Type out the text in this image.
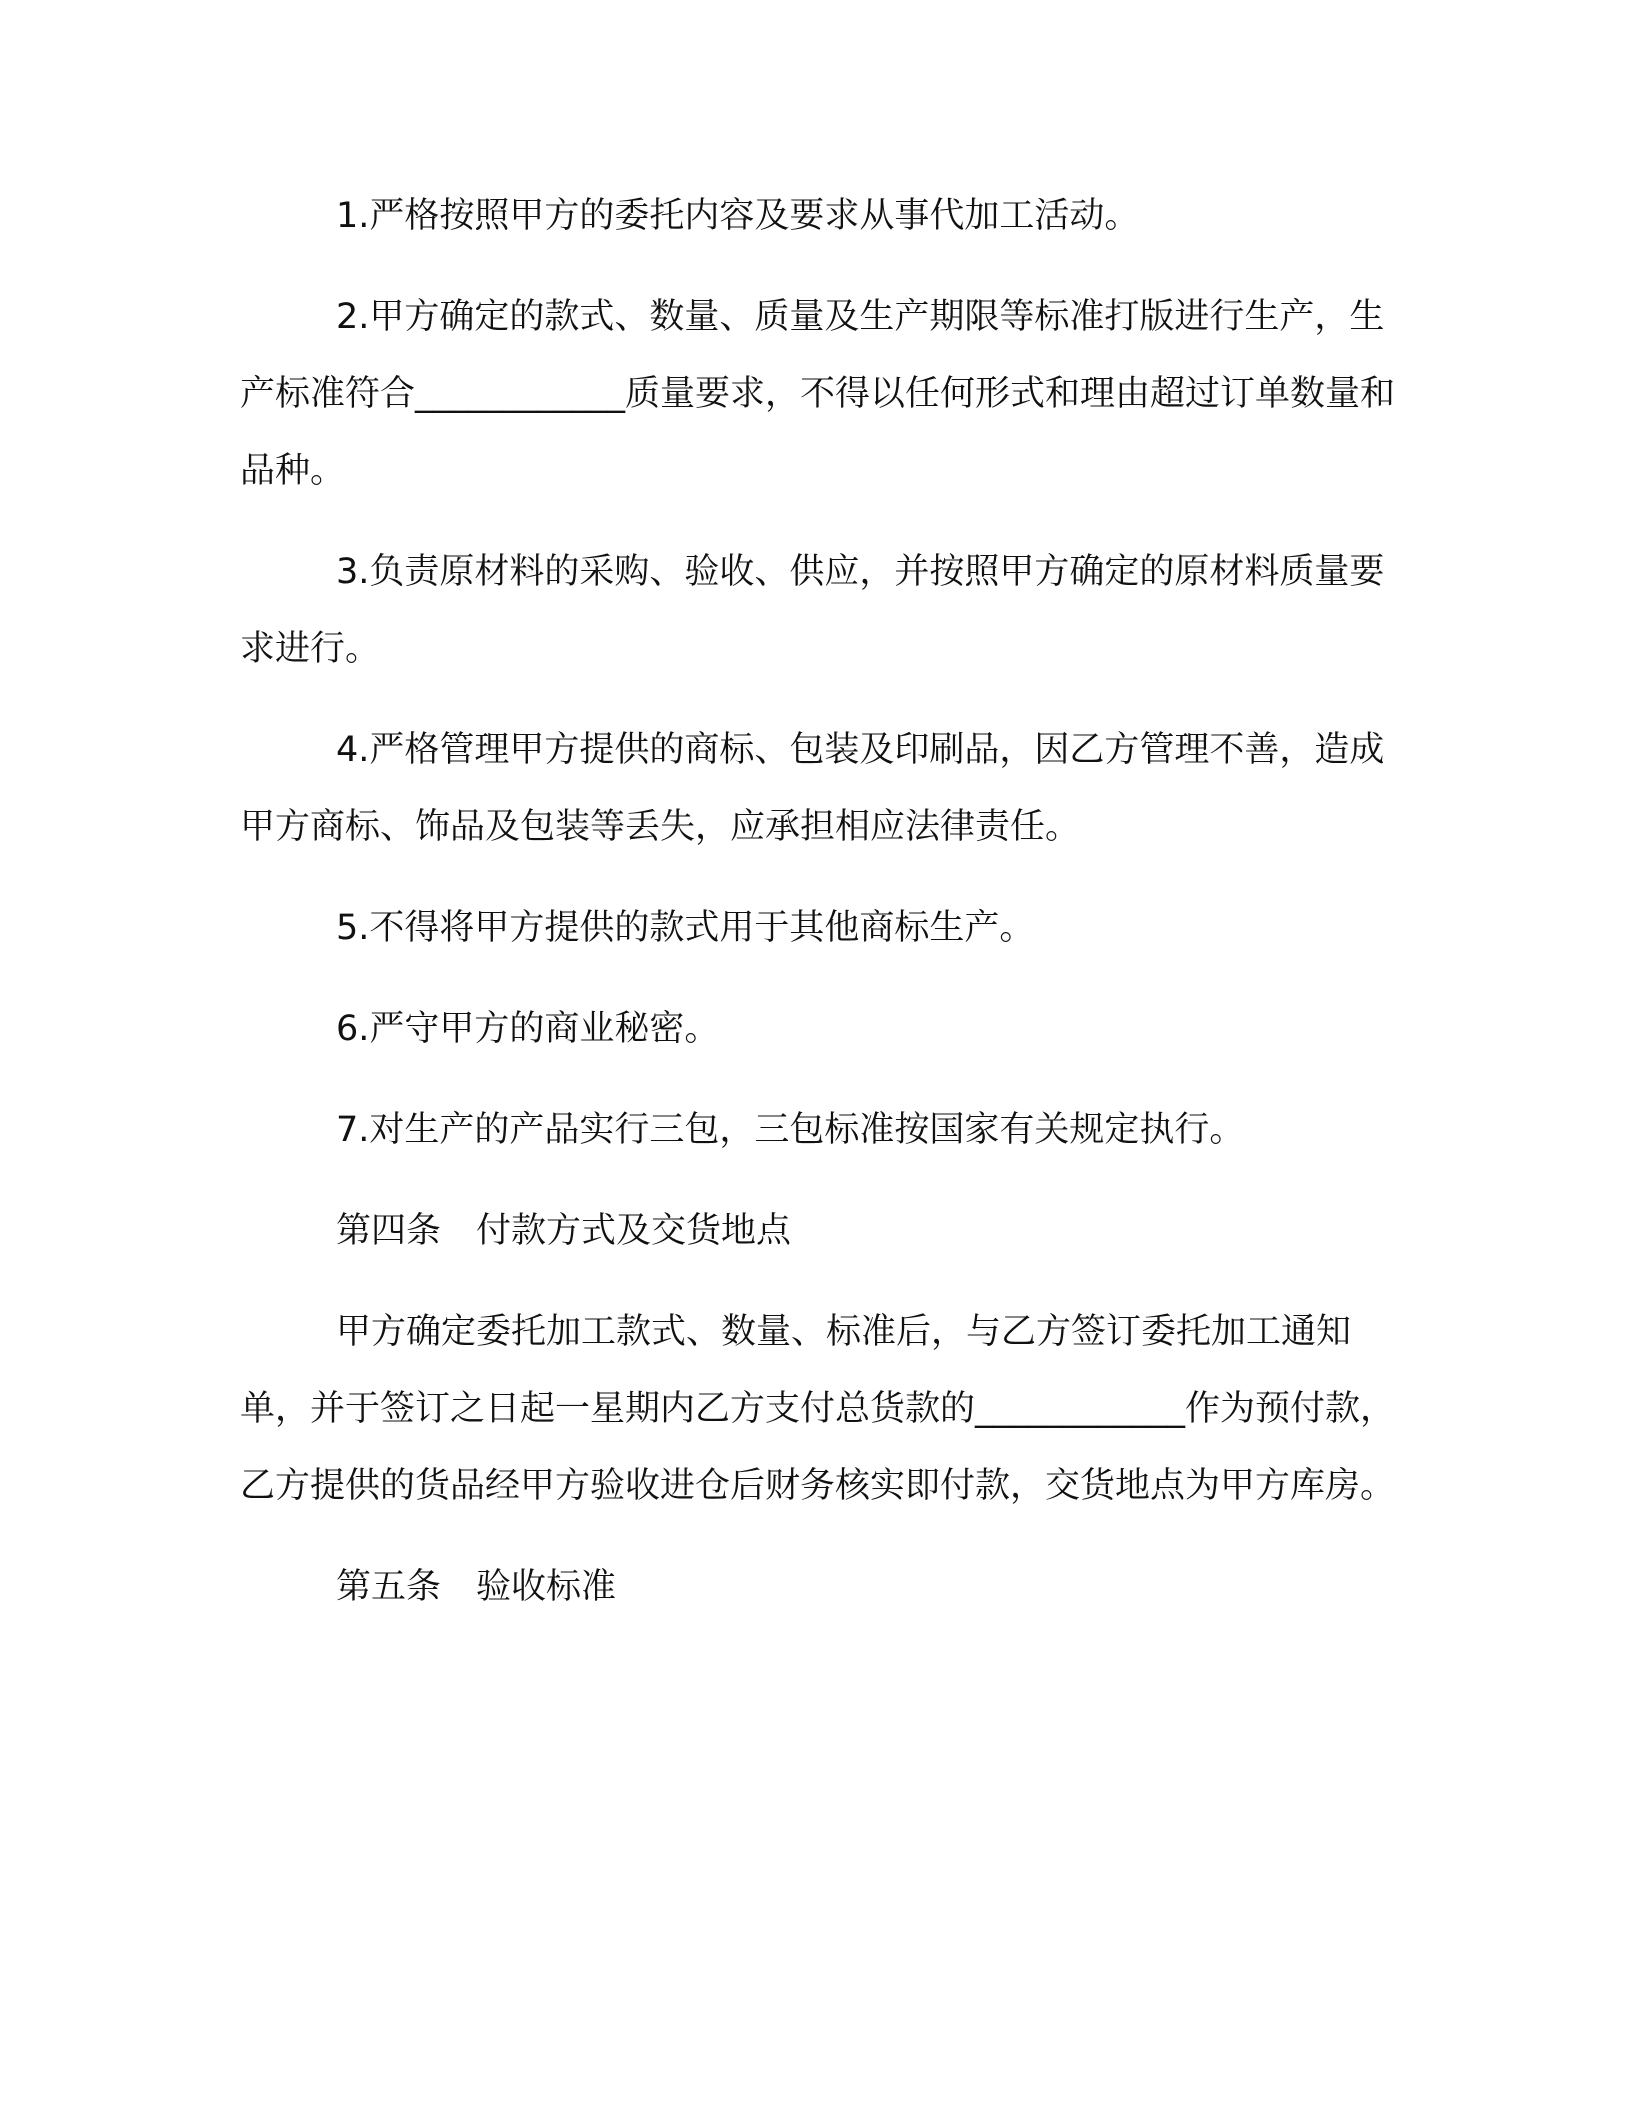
1.严格按照甲方的委托内容及要求从事代加工活动。

2.甲方确定的款式、数量、质量及生产期限等标准打版进行生产，生产标准符合____________质量要求，不得以任何形式和理由超过订单数量和品种。

3.负责原材料的采购、验收、供应，并按照甲方确定的原材料质量要求进行。

4.严格管理甲方提供的商标、包装及印刷品，因乙方管理不善，造成甲方商标、饰品及包装等丢失，应承担相应法律责任。

5.不得将甲方提供的款式用于其他商标生产。

6.严守甲方的商业秘密。

7.对生产的产品实行三包，三包标准按国家有关规定执行。

第四条　付款方式及交货地点

甲方确定委托加工款式、数量、标准后，与乙方签订委托加工通知单，并于签订之日起一星期内乙方支付总货款的____________作为预付款，乙方提供的货品经甲方验收进仓后财务核实即付款，交货地点为甲方库房。

第五条　验收标准
